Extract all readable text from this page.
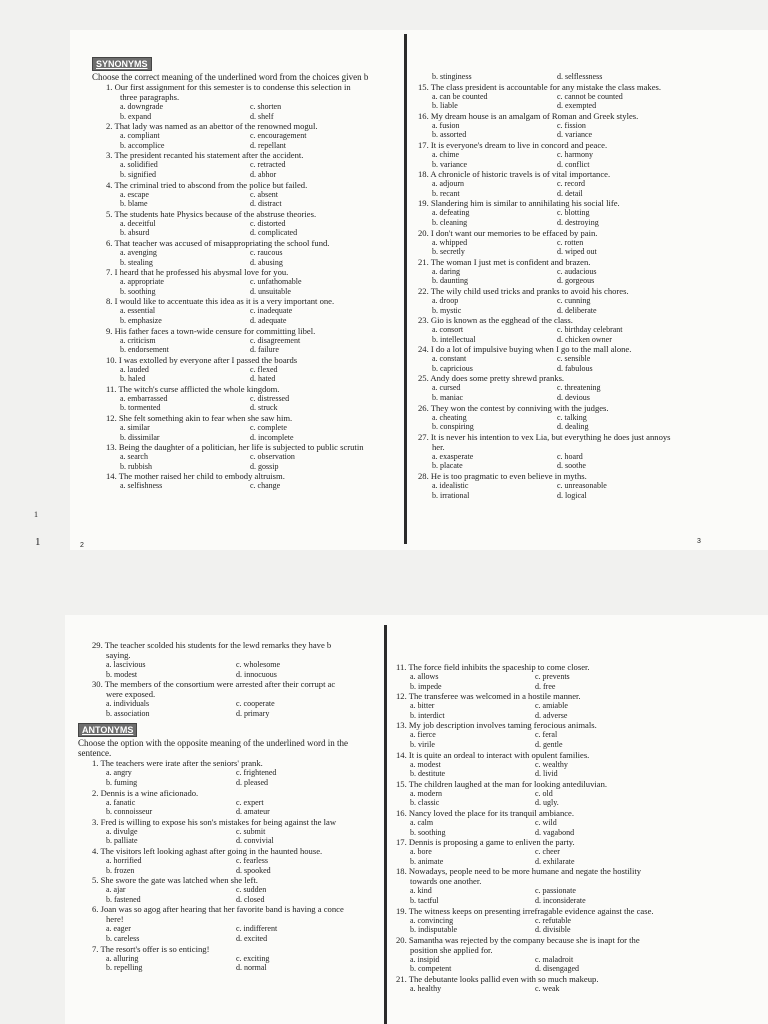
1
1
SYNONYMS
Choose the correct meaning of the underlined word from the choices given b
1. Our first assignment for this semester is to condense this selection in
three paragraphs.
a. downgrade	c. shorten
b. expand	d. shelf
2. That lady was named as an abettor of the renowned mogul.
a. compliant	c. encouragement
b. accomplice	d. repellant
3. The president recanted his statement after the accident.
a. solidified	c. retracted
b. signified	d. abhor
4. The criminal tried to abscond from the police but failed.
a. escape	c. absent
b. blame	d. distract
5. The students hate Physics because of the abstruse theories.
a. deceitful	c. distorted
b. absurd	d. complicated
6. That teacher was accused of misappropriating the school fund.
a. avenging	c. raucous
b. stealing	d. abusing
7. I heard that he professed his abysmal love for you.
a. appropriate	c. unfathomable
b. soothing	d. unsuitable
8. I would like to accentuate this idea as it is a very important one.
a. essential	c. inadequate
b. emphasize	d. adequate
9. His father faces a town-wide censure for committing libel.
a. criticism	c. disagreement
b. endorsement	d. failure
10. I was extolled by everyone after I passed the boards
a. lauded	c. flexed
b. haled	d. hated
11. The witch's curse afflicted the whole kingdom.
a. embarrassed	c. distressed
b. tormented	d. struck
12. She felt something akin to fear when she saw him.
a. similar	c. complete
b. dissimilar	d. incomplete
13. Being the daughter of a politician, her life is subjected to public scrutin
a. search	c. observation
b. rubbish	d. gossip
14. The mother raised her child to embody altruism.
a. selfishness	c. change
b. stinginess	d. selflessness
15. The class president is accountable for any mistake the class makes.
a. can be counted	c. cannot be counted
b. liable	d. exempted
16. My dream house is an amalgam of Roman and Greek styles.
a. fusion	c. fission
b. assorted	d. variance
17. It is everyone's dream to live in concord and peace.
a. chime	c. harmony
b. variance	d. conflict
18. A chronicle of historic travels is of vital importance.
a. adjourn	c. record
b. recant	d. detail
19. Slandering him is similar to annihilating his social life.
a. defeating	c. blotting
b. cleaning	d. destroying
20. I don't want our memories to be effaced by pain.
a. whipped	c. rotten
b. secretly	d. wiped out
21. The woman I just met is confident and brazen.
a. daring	c. audacious
b. daunting	d. gorgeous
22. The wily child used tricks and pranks to avoid his chores.
a. droop	c. cunning
b. mystic	d. deliberate
23. Gio is known as the egghead of the class.
a. consort	c. birthday celebrant
b. intellectual	d. chicken owner
24. I do a lot of impulsive buying when I go to the mall alone.
a. constant	c. sensible
b. capricious	d. fabulous
25. Andy does some pretty shrewd pranks.
a. cursed	c. threatening
b. maniac	d. devious
26. They won the contest by conniving with the judges.
a. cheating	c. talking
b. conspiring	d. dealing
27. It is never his intention to vex Lia, but everything he does just annoys
her.
a. exasperate	c. hoard
b. placate	d. soothe
28. He is too pragmatic to even believe in myths.
a. idealistic	c. unreasonable
b. irrational	d. logical
2
3
29. The teacher scolded his students for the lewd remarks they have b
saying.
a. lascivious	c. wholesome
b. modest	d. innocuous
30. The members of the consortium were arrested after their corrupt ac
were exposed.
a. individuals	c. cooperate
b. association	d. primary
ANTONYMS
Choose the option with the opposite meaning of the underlined word in the
sentence.
1. The teachers were irate after the seniors' prank.
a. angry	c. frightened
b. fuming	d. pleased
2. Dennis is a wine aficionado.
a. fanatic	c. expert
b. connoisseur	d. amateur
3. Fred is willing to expose his son's mistakes for being against the law
a. divulge	c. submit
b. palliate	d. convivial
4. The visitors left looking aghast after going in the haunted house.
a. horrified	c. fearless
b. frozen	d. spooked
5. She swore the gate was latched when she left.
a. ajar	c. sudden
b. fastened	d. closed
6. Joan was so agog after hearing that her favorite band is having a conce
here!
a. eager	c. indifferent
b. careless	d. excited
7. The resort's offer is so enticing!
a. alluring	c. exciting
b. repelling	d. normal
11. The force field inhibits the spaceship to come closer.
a. allows	c. prevents
b. impede	d. free
12. The transferee was welcomed in a hostile manner.
a. bitter	c. amiable
b. interdict	d. adverse
13. My job description involves taming ferocious animals.
a. fierce	c. feral
b. virile	d. gentle
14. It is quite an ordeal to interact with opulent families.
a. modest	c. wealthy
b. destitute	d. livid
15. The children laughed at the man for looking antediluvian.
a. modern	c. old
b. classic	d. ugly.
16. Nancy loved the place for its tranquil ambiance.
a. calm	c. wild
b. soothing	d. vagabond
17. Dennis is proposing a game to enliven the party.
a. bore	c. cheer
b. animate	d. exhilarate
18. Nowadays, people need to be more humane and negate the hostility
towards one another.
a. kind	c. passionate
b. tactful	d. inconsiderate
19. The witness keeps on presenting irrefragable evidence against the case.
a. convincing	c. refutable
b. indisputable	d. divisible
20. Samantha was rejected by the company because she is inapt for the
position she applied for.
a. insipid	c. maladroit
b. competent	d. disengaged
21. The debutante looks pallid even with so much makeup.
a. healthy	c. weak
